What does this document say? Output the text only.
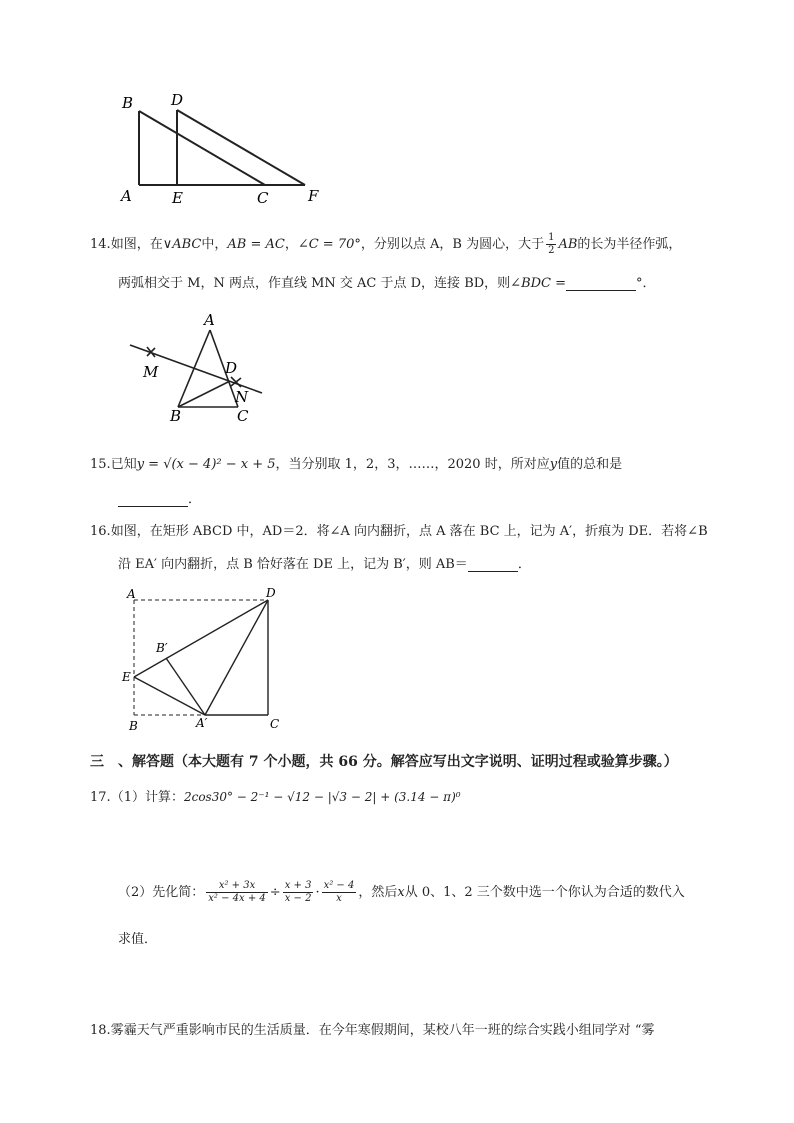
B	D
A	E	C	F
14.如图，在∨ABC中，AB = AC，∠C = 70°，分别以点 A，B 为圆心，大于 $\frac{1}{2}$ AB的长为半径作弧，
两弧相交于 M，N 两点，作直线 MN 交 AC 于点 D，连接 BD，则∠BDC =	°．
A
M	D
N
B	C
15.已知y = √(x − 4)² − x + 5，当分别取 1，2，3，……，2020 时，所对应y值的总和是
．
16.如图，在矩形 ABCD 中，AD＝2．将∠A 向内翻折，点 A 落在 BC 上，记为 A′，折痕为 DE．若将∠B
沿 EA′ 向内翻折，点 B 恰好落在 DE 上，记为 B′，则 AB＝	．
A	D
B′
E
B	A′	C
三　、解答题（本大题有 7 个小题，共 66 分。解答应写出文字说明、证明过程或验算步骤。）
17.（1）计算：2cos30° − 2⁻¹ − √12 − |√3 − 2| + (3.14 − π)⁰
（2）先化简： $\frac{\text{x² + 3x}}{\text{x² − 4x + 4}} \div \frac{x + 3}{x - 2} \cdot \frac{\text{x² − 4}}{x}$ ，然后x从 0、1、2 三个数中选一个你认为合适的数代入
求值．
18.雾霾天气严重影响市民的生活质量．在今年寒假期间，某校八年一班的综合实践小组同学对 “雾
